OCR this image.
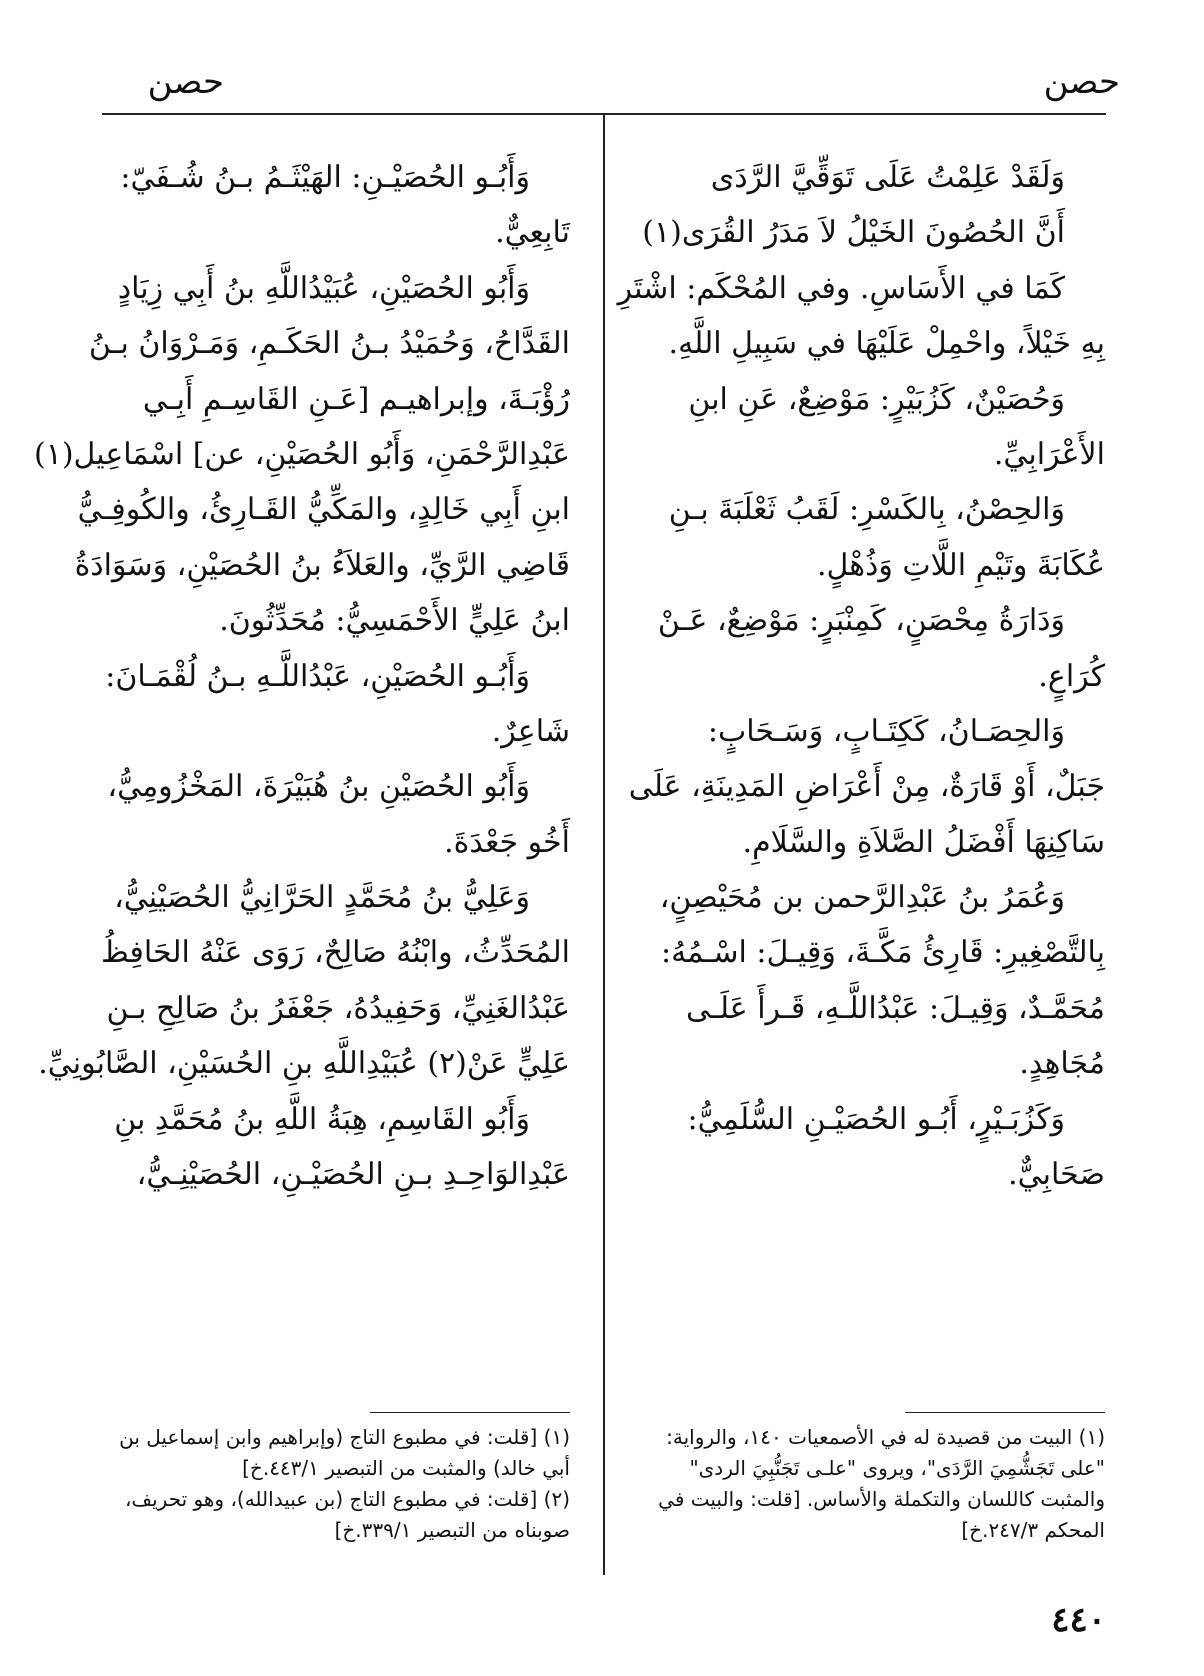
حصن
حصن
وَلَقَدْ عَلِمْتُ عَلَى تَوَقِّيَّ الرَّدَى
أَنَّ الحُصُونَ الخَيْلُ لاَ مَدَرُ القُرَى(١)
كَمَا في الأَسَاسِ. وفي المُحْكَم: اشْتَرِ
بِهِ خَيْلاً، واحْمِلْ عَلَيْهَا في سَبِيلِ اللَّهِ.
وَحُصَيْنٌ، كَزُبَيْرٍ: مَوْضِعٌ، عَنِ ابنِ
الأَعْرَابِيِّ.
وَالحِصْنُ، بِالكَسْرِ: لَقَبُ ثَعْلَبَةَ بـنِ
عُكَابَةَ وتَيْمِ اللَّاتِ وَذُهْلٍ.
وَدَارَةُ مِحْصَنٍ، كَمِنْبَرٍ: مَوْضِعٌ، عَـنْ
كُرَاعٍ.
وَالحِصَـانُ، كَكِتَـابٍ، وَسَـحَابٍ:
جَبَلٌ، أَوْ قَارَةٌ، مِنْ أَعْرَاضِ المَدِينَةِ، عَلَى
سَاكِنِهَا أَفْضَلُ الصَّلاَةِ والسَّلَامِ.
وَعُمَرُ بنُ عَبْدِالرَّحمن بن مُحَيْصِنٍ،
بِالتَّصْغِيرِ: قَارِئُ مَكَّـةَ، وَقِيـلَ: اسْـمُهُ:
مُحَمَّـدٌ، وَقِيـلَ: عَبْدُاللَّـهِ، قَـرأَ عَلَـى
مُجَاهِدٍ.
وَكَزُبَـيْرٍ، أَبُـو الحُصَيْـنِ السُّلَمِيُّ:
صَحَابِيٌّ.
وَأَبُـو الحُصَيْـنِ: الهَيْثَـمُ بـنُ شُـفَيّ:
تَابِعِيٌّ.
وَأَبُو الحُصَيْنِ، عُبَيْدُاللَّهِ بنُ أَبِي زِيَادٍ
القَدَّاحُ، وَحُمَيْدُ بـنُ الحَكَـمِ، وَمَـرْوَانُ بـنُ
رُؤْبَـةَ، وإبراهيـم [عَـنِ القَاسِـمِ أَبِـي
عَبْدِالرَّحْمَنِ، وَأَبُو الحُصَيْنِ، عن] اسْمَاعِيل(١)
ابنِ أَبِي خَالِدٍ، والمَكِّيُّ القَـارِئُ، والكُوفِـيُّ
قَاضِي الرَّيِّ، والعَلاَءُ بنُ الحُصَيْنِ، وَسَوَادَةُ
ابنُ عَلِيٍّ الأَحْمَسِيُّ: مُحَدِّثُونَ.
وَأَبُـو الحُصَيْنِ، عَبْدُاللَّـهِ بـنُ لُقْمَـانَ:
شَاعِرٌ.
وَأَبُو الحُصَيْنِ بنُ هُبَيْرَةَ، المَخْزُومِيُّ،
أَخُو جَعْدَةَ.
وَعَلِيُّ بنُ مُحَمَّدٍ الحَرَّانِيُّ الحُصَيْنِيُّ،
المُحَدِّثُ، وابْنُهُ صَالِحٌ، رَوَى عَنْهُ الحَافِظُ
عَبْدُالغَنِيِّ، وَحَفِيدُهُ، جَعْفَرُ بنُ صَالِحِ بـنِ
عَلِيٍّ عَنْ(٢) عُبَيْدِاللَّهِ بنِ الحُسَيْنِ، الصَّابُونِيِّ.
وَأَبُو القَاسِمِ، هِبَةُ اللَّهِ بنُ مُحَمَّدِ بنِ
عَبْدِالوَاحِـدِ بـنِ الحُصَيْـنِ، الحُصَيْنِـيُّ،
(١) البيت من قصيدة له في الأصمعيات ١٤٠، والرواية:
"على تَجَشُّمِيَ الرَّدَى"، ويروى "علـى تَجَنُّبِيَ الردى"
والمثبت كاللسان والتكملة والأساس. [قلت: والبيت في
المحكم ٢٤٧/٣.خ]
(١) [قلت: في مطبوع التاج (وإبراهيم وابن إسماعيل بن
أبي خالد) والمثبت من التبصير ٤٤٣/١.خ]
(٢) [قلت: في مطبوع التاج (بن عبيدالله)، وهو تحريف،
صوبناه من التبصير ٣٣٩/١.خ]
٤٤٠
